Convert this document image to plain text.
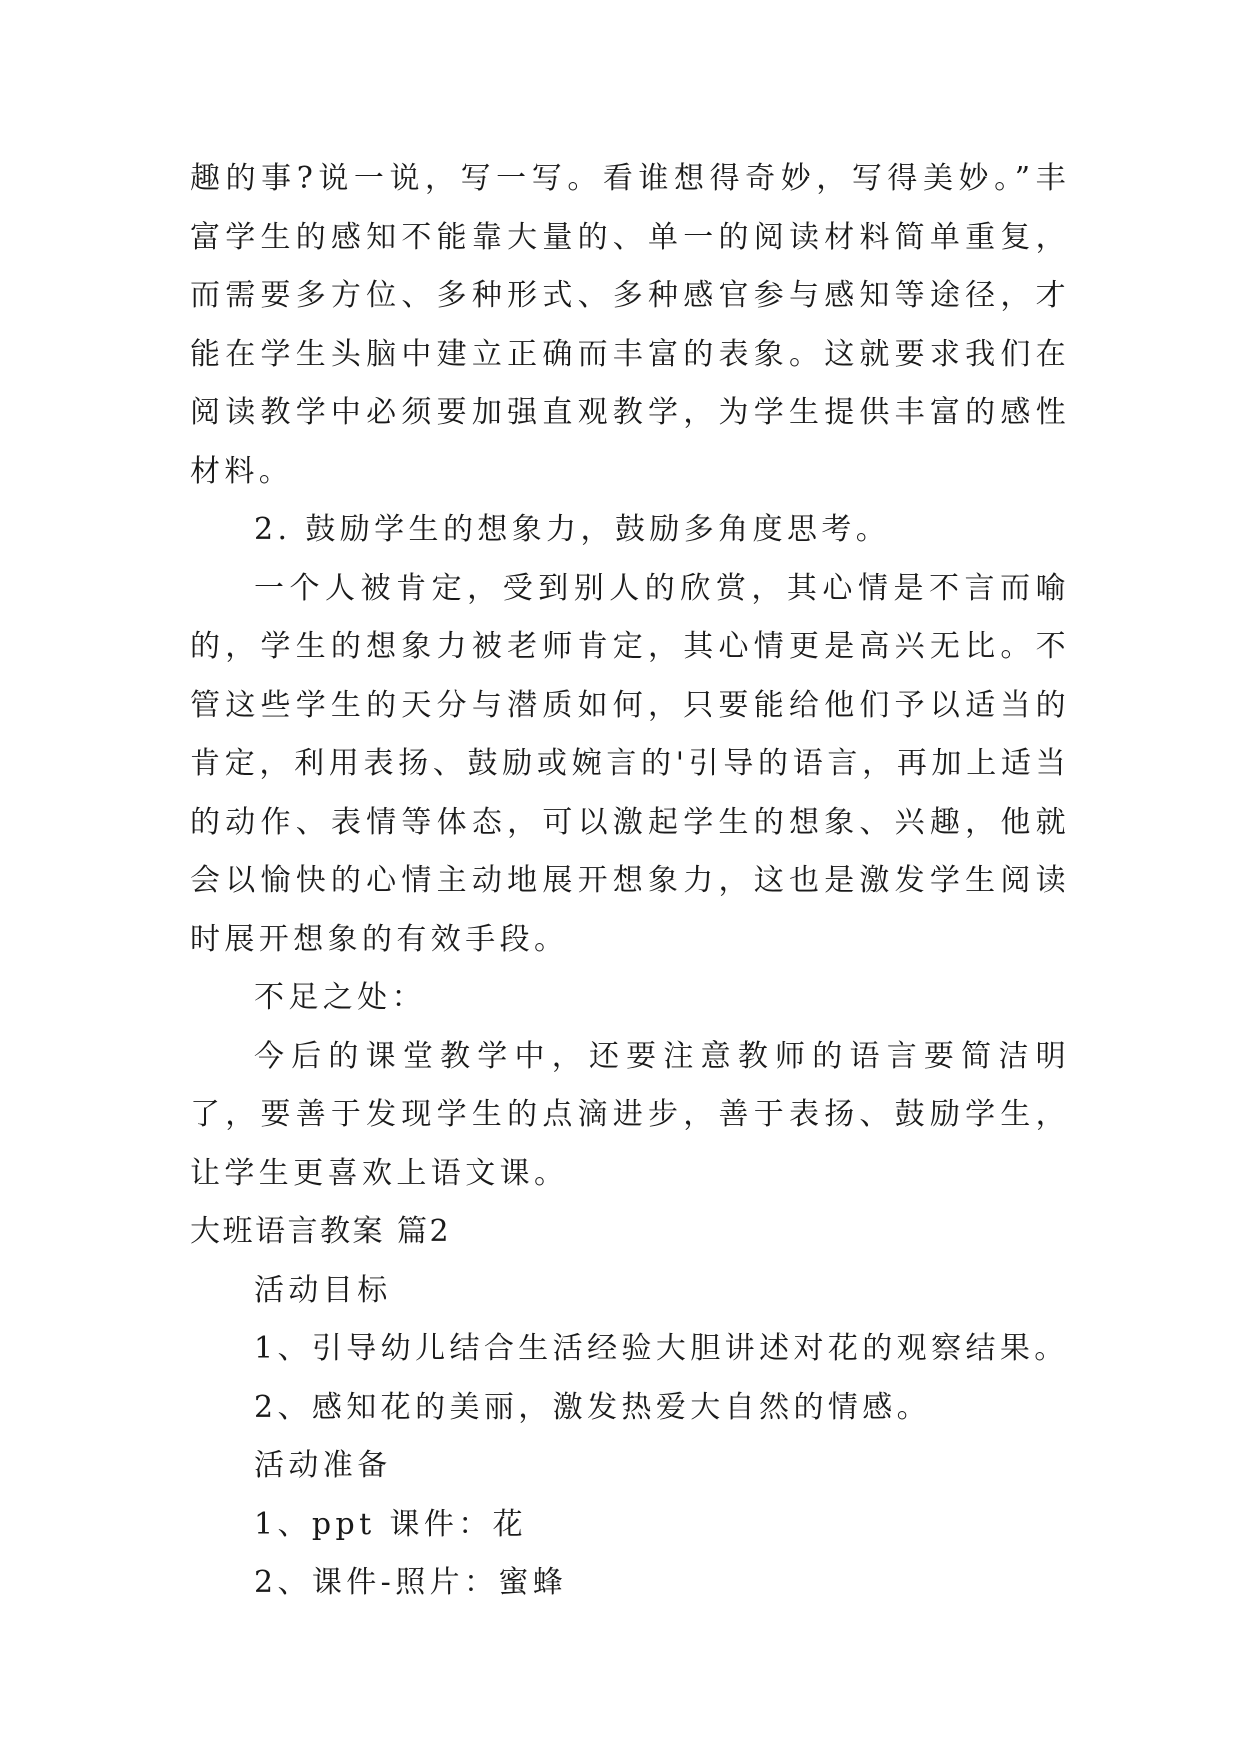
趣的事?说一说，写一写。看谁想得奇妙，写得美妙。”丰富学生的感知不能靠大量的、单一的阅读材料简单重复，而需要多方位、多种形式、多种感官参与感知等途径，才能在学生头脑中建立正确而丰富的表象。这就要求我们在阅读教学中必须要加强直观教学，为学生提供丰富的感性材料。

2. 鼓励学生的想象力，鼓励多角度思考。

一个人被肯定，受到别人的欣赏，其心情是不言而喻的，学生的想象力被老师肯定，其心情更是高兴无比。不管这些学生的天分与潜质如何，只要能给他们予以适当的肯定，利用表扬、鼓励或婉言的'引导的语言，再加上适当的动作、表情等体态，可以激起学生的想象、兴趣，他就会以愉快的心情主动地展开想象力，这也是激发学生阅读时展开想象的有效手段。

不足之处：

今后的课堂教学中，还要注意教师的语言要简洁明了，要善于发现学生的点滴进步，善于表扬、鼓励学生，让学生更喜欢上语文课。

大班语言教案 篇2

活动目标

1、引导幼儿结合生活经验大胆讲述对花的观察结果。

2、感知花的美丽，激发热爱大自然的情感。

活动准备

1、ppt 课件：花

2、课件-照片：蜜蜂
